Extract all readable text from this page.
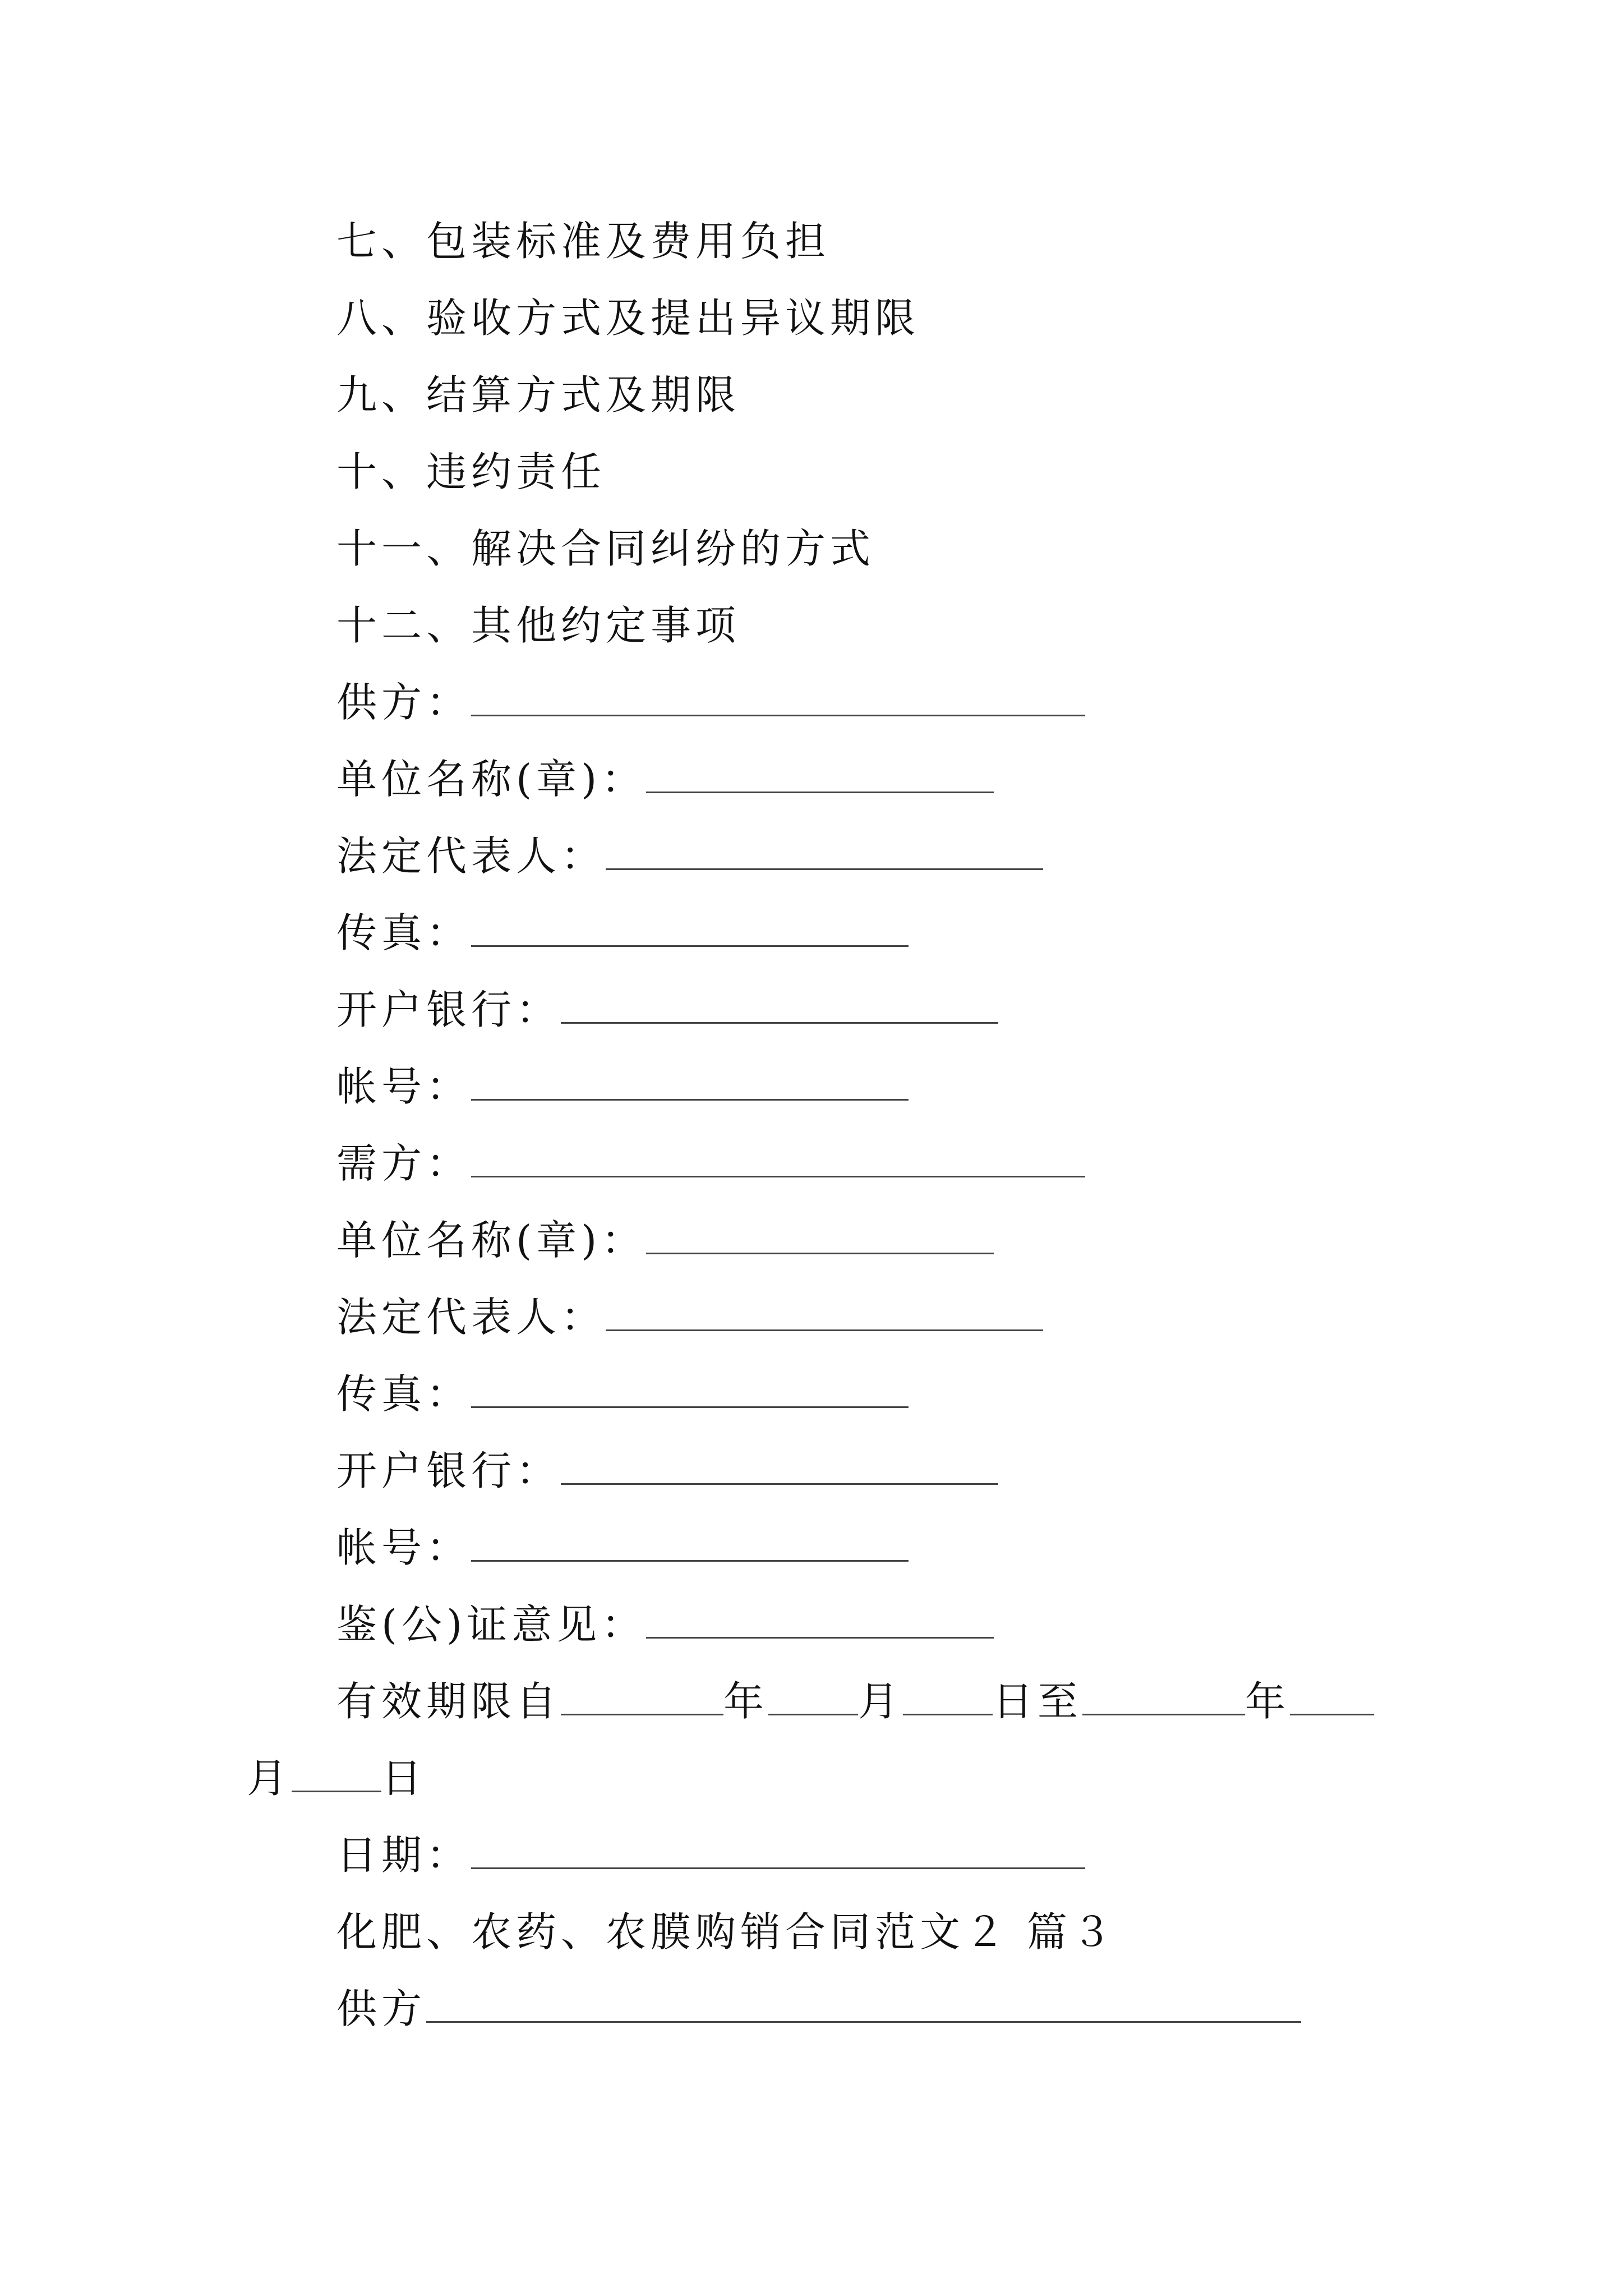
七、包装标准及费用负担
八、验收方式及提出异议期限
九、结算方式及期限
十、违约责任
十一、解决合同纠纷的方式
十二、其他约定事项
供方：
单位名称(章)：
法定代表人：
传真：
开户银行：
帐号：
需方：
单位名称(章)：
法定代表人：
传真：
开户银行：
帐号：
鉴(公)证意见：
有效期限自	年 月 日至	年
月 日
日期：
化肥、农药、农膜购销合同范文２ 篇３
供方
